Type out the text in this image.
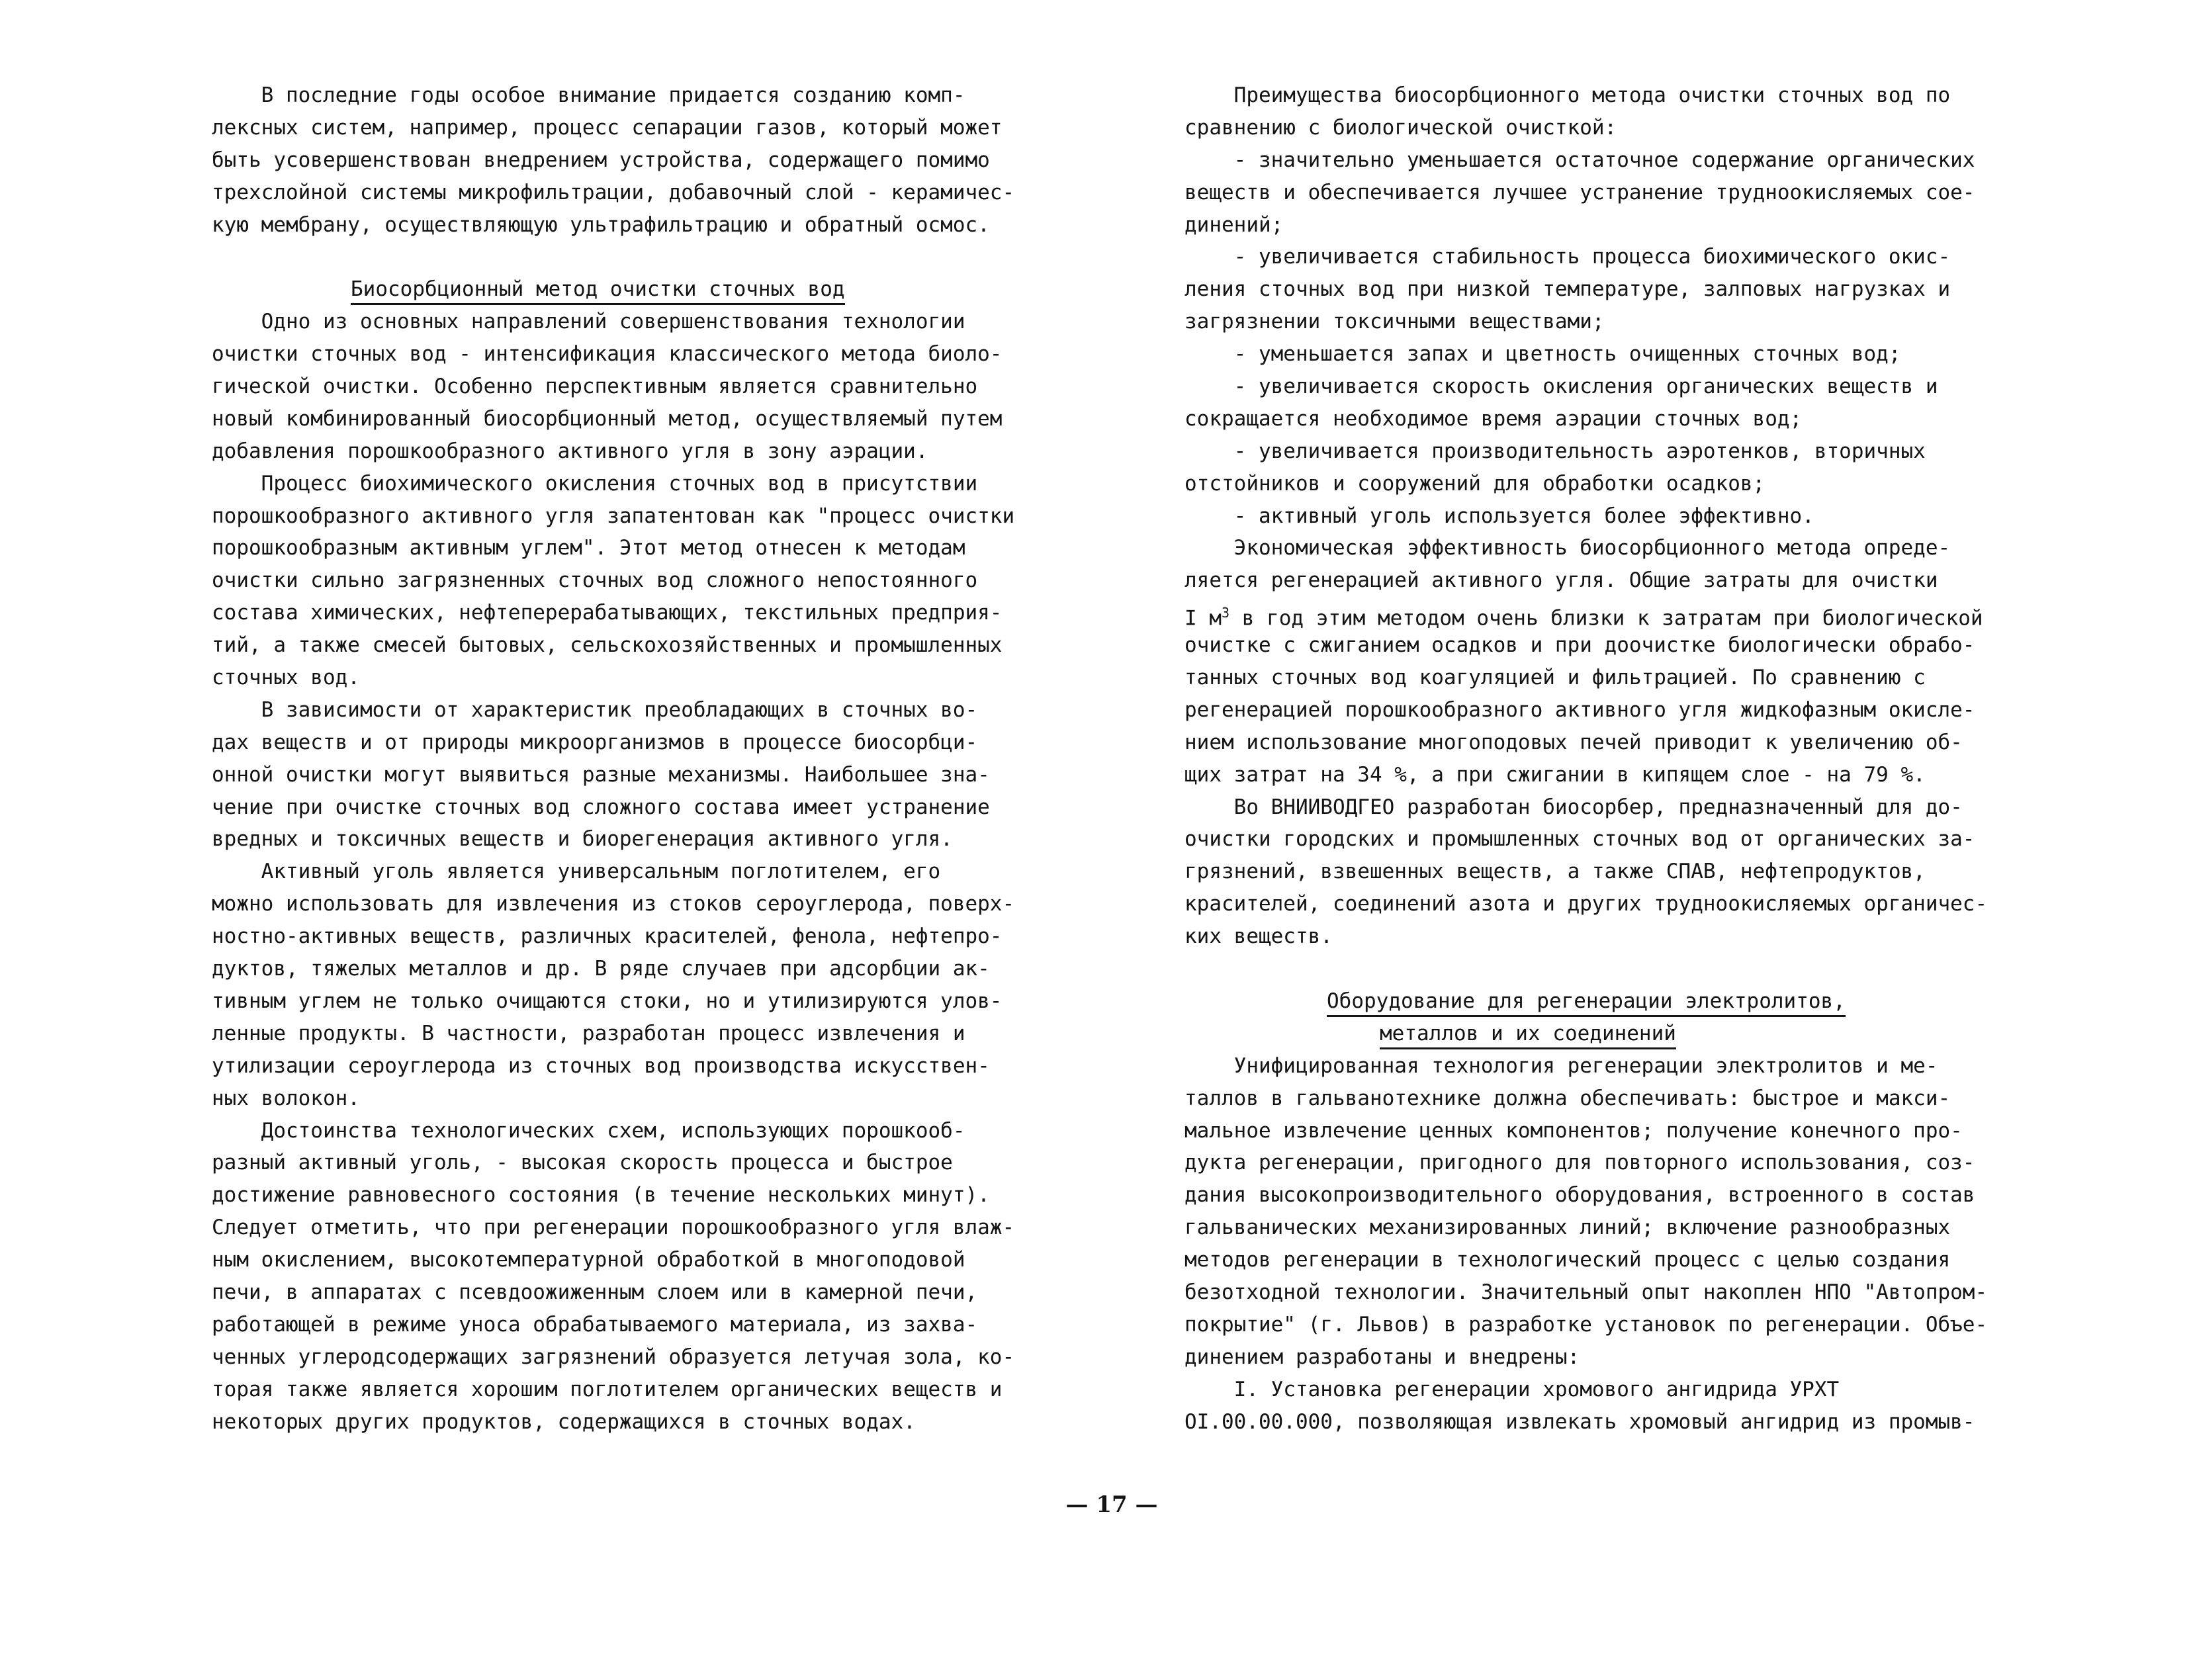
В последние годы особое внимание придается созданию комп-
лексных систем, например, процесс сепарации газов, который может
быть усовершенствован внедрением устройства, содержащего помимо
трехслойной системы микрофильтрации, добавочный слой - керамичес-
кую мембрану, осуществляющую ультрафильтрацию и обратный осмос.
Биосорбционный метод очистки сточных вод
Одно из основных направлений совершенствования технологии
очистки сточных вод - интенсификация классического метода биоло-
гической очистки. Особенно перспективным является сравнительно
новый комбинированный биосорбционный метод, осуществляемый путем
добавления порошкообразного активного угля в зону аэрации.
Процесс биохимического окисления сточных вод в присутствии
порошкообразного активного угля запатентован как "процесс очистки
порошкообразным активным углем". Этот метод отнесен к методам
очистки сильно загрязненных сточных вод сложного непостоянного
состава химических, нефтеперерабатывающих, текстильных предприя-
тий, а также смесей бытовых, сельскохозяйственных и промышленных
сточных вод.
В зависимости от характеристик преобладающих в сточных во-
дах веществ и от природы микроорганизмов в процессе биосорбци-
онной очистки могут выявиться разные механизмы. Наибольшее зна-
чение при очистке сточных вод сложного состава имеет устранение
вредных и токсичных веществ и биорегенерация активного угля.
Активный уголь является универсальным поглотителем, его
можно использовать для извлечения из стоков сероуглерода, поверх-
ностно-активных веществ, различных красителей, фенола, нефтепро-
дуктов, тяжелых металлов и др. В ряде случаев при адсорбции ак-
тивным углем не только очищаются стоки, но и утилизируются улов-
ленные продукты. В частности, разработан процесс извлечения и
утилизации сероуглерода из сточных вод производства искусствен-
ных волокон.
Достоинства технологических схем, использующих порошкооб-
разный активный уголь, - высокая скорость процесса и быстрое
достижение равновесного состояния (в течение нескольких минут).
Следует отметить, что при регенерации порошкообразного угля влаж-
ным окислением, высокотемпературной обработкой в многоподовой
печи, в аппаратах с псевдоожиженным слоем или в камерной печи,
работающей в режиме уноса обрабатываемого материала, из захва-
ченных углеродсодержащих загрязнений образуется летучая зола, ко-
торая также является хорошим поглотителем органических веществ и
некоторых других продуктов, содержащихся в сточных водах.
Преимущества биосорбционного метода очистки сточных вод по
сравнению с биологической очисткой:
- значительно уменьшается остаточное содержание органических
веществ и обеспечивается лучшее устранение трудноокисляемых сое-
динений;
- увеличивается стабильность процесса биохимического окис-
ления сточных вод при низкой температуре, залповых нагрузках и
загрязнении токсичными веществами;
- уменьшается запах и цветность очищенных сточных вод;
- увеличивается скорость окисления органических веществ и
сокращается необходимое время аэрации сточных вод;
- увеличивается производительность аэротенков, вторичных
отстойников и сооружений для обработки осадков;
- активный уголь используется более эффективно.
Экономическая эффективность биосорбционного метода опреде-
ляется регенерацией активного угля. Общие затраты для очистки
I $м^3$ в год этим методом очень близки к затратам при биологической
очистке с сжиганием осадков и при доочистке биологически обрабо-
танных сточных вод коагуляцией и фильтрацией. По сравнению с
регенерацией порошкообразного активного угля жидкофазным окисле-
нием использование многоподовых печей приводит к увеличению об-
щих затрат на 34 %, а при сжигании в кипящем слое - на 79 %.
Во ВНИИВОДГЕО разработан биосорбер, предназначенный для до-
очистки городских и промышленных сточных вод от органических за-
грязнений, взвешенных веществ, а также СПАВ, нефтепродуктов,
красителей, соединений азота и других трудноокисляемых органичес-
ких веществ.
Оборудование для регенерации электролитов,
металлов и их соединений
Унифицированная технология регенерации электролитов и ме-
таллов в гальванотехнике должна обеспечивать: быстрое и макси-
мальное извлечение ценных компонентов; получение конечного про-
дукта регенерации, пригодного для повторного использования, соз-
дания высокопроизводительного оборудования, встроенного в состав
гальванических механизированных линий; включение разнообразных
методов регенерации в технологический процесс с целью создания
безотходной технологии. Значительный опыт накоплен НПО "Автопром-
покрытие" (г. Львов) в разработке установок по регенерации. Объе-
динением разработаны и внедрены:
I. Установка регенерации хромового ангидрида УРХТ
OI.00.00.000, позволяющая извлекать хромовый ангидрид из промыв-
— 17 —
